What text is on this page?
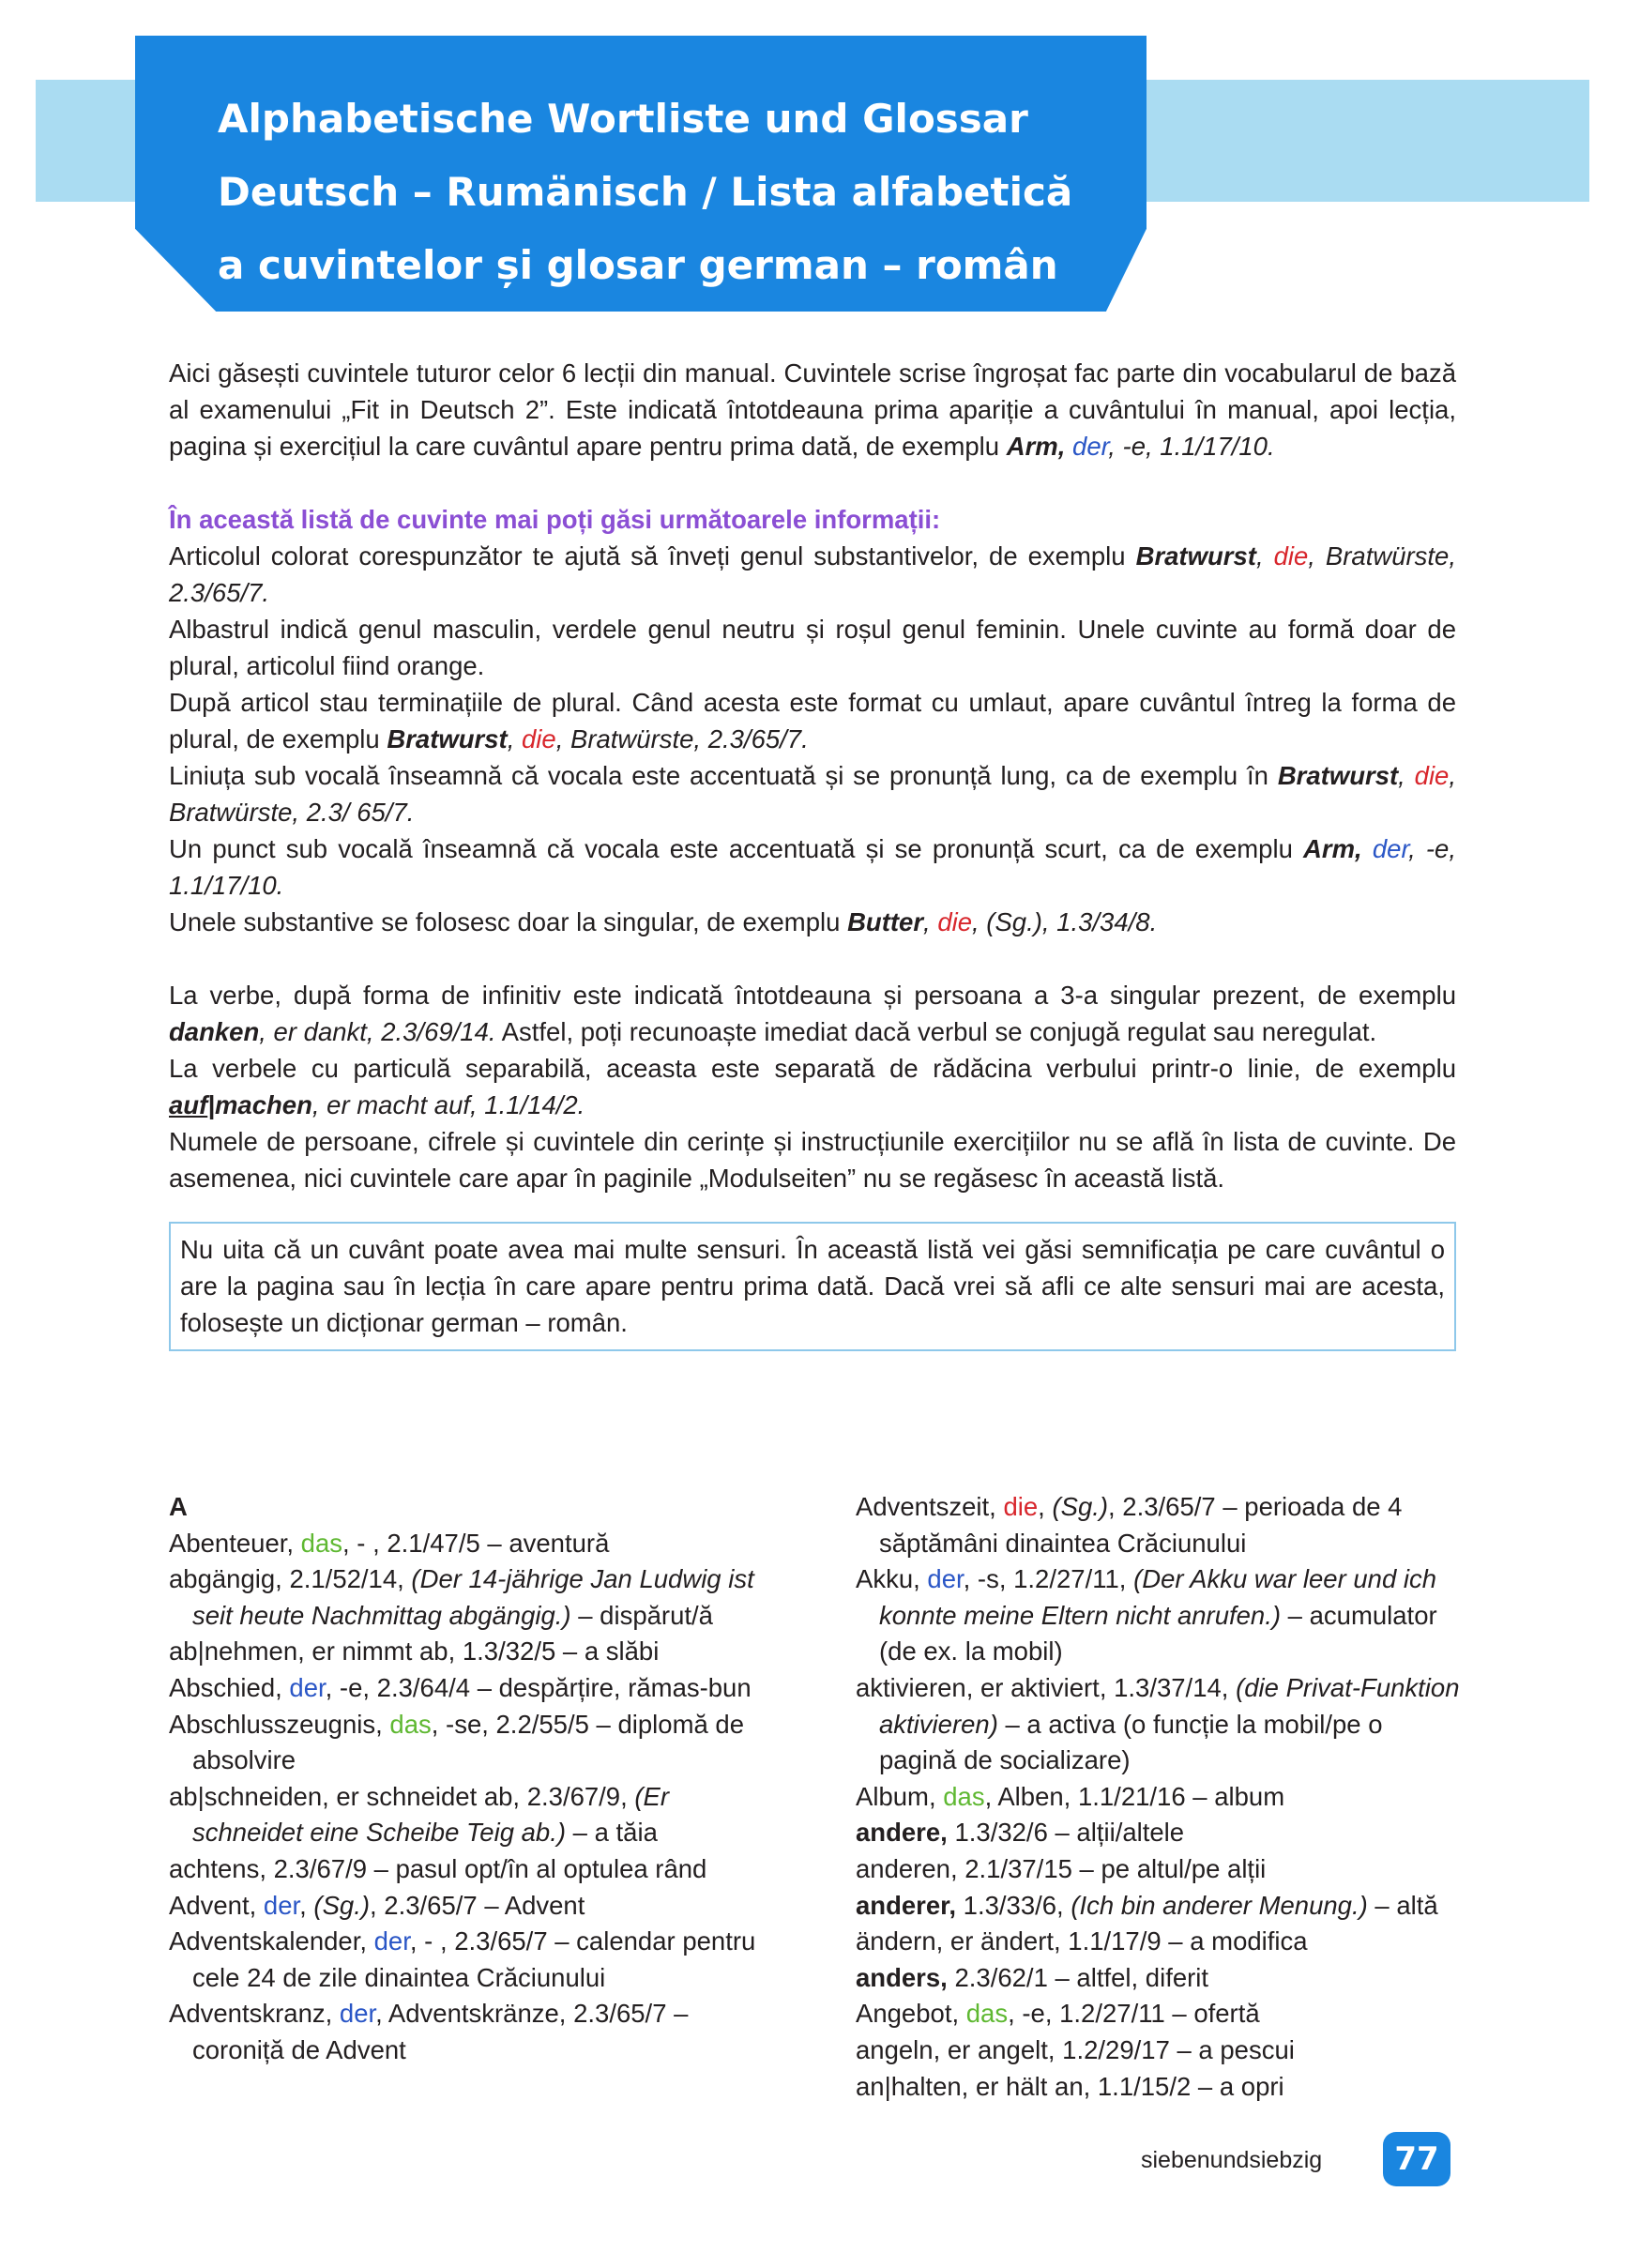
Alphabetische Wortliste und Glossar
Deutsch – Rumänisch / Lista alfabetică
a cuvintelor și glosar german – român

Aici găsești cuvintele tuturor celor 6 lecții din manual. Cuvintele scrise îngroșat fac parte din vocabularul de bază al examenului „Fit in Deutsch 2”. Este indicată întotdeauna prima apariție a cuvântului în manual, apoi lecția, pagina și exercițiul la care cuvântul apare pentru prima dată, de exemplu Arm, der, -e, 1.1/17/10.

În această listă de cuvinte mai poți găsi următoarele informații:

Articolul colorat corespunzător te ajută să înveți genul substantivelor, de exemplu Bratwurst, die, Bratwürste, 2.3/65/7.

Albastrul indică genul masculin, verdele genul neutru și roșul genul feminin. Unele cuvinte au formă doar de plural, articolul fiind orange.

După articol stau terminațiile de plural. Când acesta este format cu umlaut, apare cuvântul întreg la forma de plural, de exemplu Bratwurst, die, Bratwürste, 2.3/65/7.

Liniuța sub vocală înseamnă că vocala este accentuată și se pronunță lung, ca de exemplu în Bratwurst, die, Bratwürste, 2.3/ 65/7.

Un punct sub vocală înseamnă că vocala este accentuată și se pronunță scurt, ca de exemplu Arm, der, -e, 1.1/17/10.

Unele substantive se folosesc doar la singular, de exemplu Butter, die, (Sg.), 1.3/34/8.

La verbe, după forma de infinitiv este indicată întotdeauna și persoana a 3-a singular prezent, de exemplu danken, er dankt, 2.3/69/14. Astfel, poți recunoaște imediat dacă verbul se conjugă regulat sau neregulat.

La verbele cu particulă separabilă, aceasta este separată de rădăcina verbului printr-o linie, de exemplu auf|machen, er macht auf, 1.1/14/2.

Numele de persoane, cifrele și cuvintele din cerințe și instrucțiunile exercițiilor nu se află în lista de cuvinte. De asemenea, nici cuvintele care apar în paginile „Modulseiten” nu se regăsesc în această listă.

Nu uita că un cuvânt poate avea mai multe sensuri. În această listă vei găsi semnificația pe care cuvântul o are la pagina sau în lecția în care apare pentru prima dată. Dacă vrei să afli ce alte sensuri mai are acesta, folosește un dicționar german – român.
A
Abenteuer, das, - , 2.1/47/5 – aventură
abgängig, 2.1/52/14, (Der 14-jährige Jan Ludwig ist seit heute Nachmittag abgängig.) – dispărut/ă
ab|nehmen, er nimmt ab, 1.3/32/5 – a slăbi
Abschied, der, -e, 2.3/64/4 – despărțire, rămas-bun
Abschlusszeugnis, das, -se, 2.2/55/5 – diplomă de absolvire
ab|schneiden, er schneidet ab, 2.3/67/9, (Er schneidet eine Scheibe Teig ab.) – a tăia
achtens, 2.3/67/9 – pasul opt/în al optulea rând
Advent, der, (Sg.), 2.3/65/7 – Advent
Adventskalender, der, - , 2.3/65/7 – calendar pentru cele 24 de zile dinaintea Crăciunului
Adventskranz, der, Adventskränze, 2.3/65/7 – coroniță de Advent
Adventszeit, die, (Sg.), 2.3/65/7 – perioada de 4 săptămâni dinaintea Crăciunului
Akku, der, -s, 1.2/27/11, (Der Akku war leer und ich konnte meine Eltern nicht anrufen.) – acumulator (de ex. la mobil)
aktivieren, er aktiviert, 1.3/37/14, (die Privat-Funktion aktivieren) – a activa (o funcție la mobil/pe o pagină de socializare)
Album, das, Alben, 1.1/21/16 – album
andere, 1.3/32/6 – alții/altele
anderen, 2.1/37/15 – pe altul/pe alții
anderer, 1.3/33/6, (Ich bin anderer Menung.) – altă
ändern, er ändert, 1.1/17/9 – a modifica
anders, 2.3/62/1 – altfel, diferit
Angebot, das, -e, 1.2/27/11 – ofertă
angeln, er angelt, 1.2/29/17 – a pescui
an|halten, er hält an, 1.1/15/2 – a opri
siebenundsiebzig	77
